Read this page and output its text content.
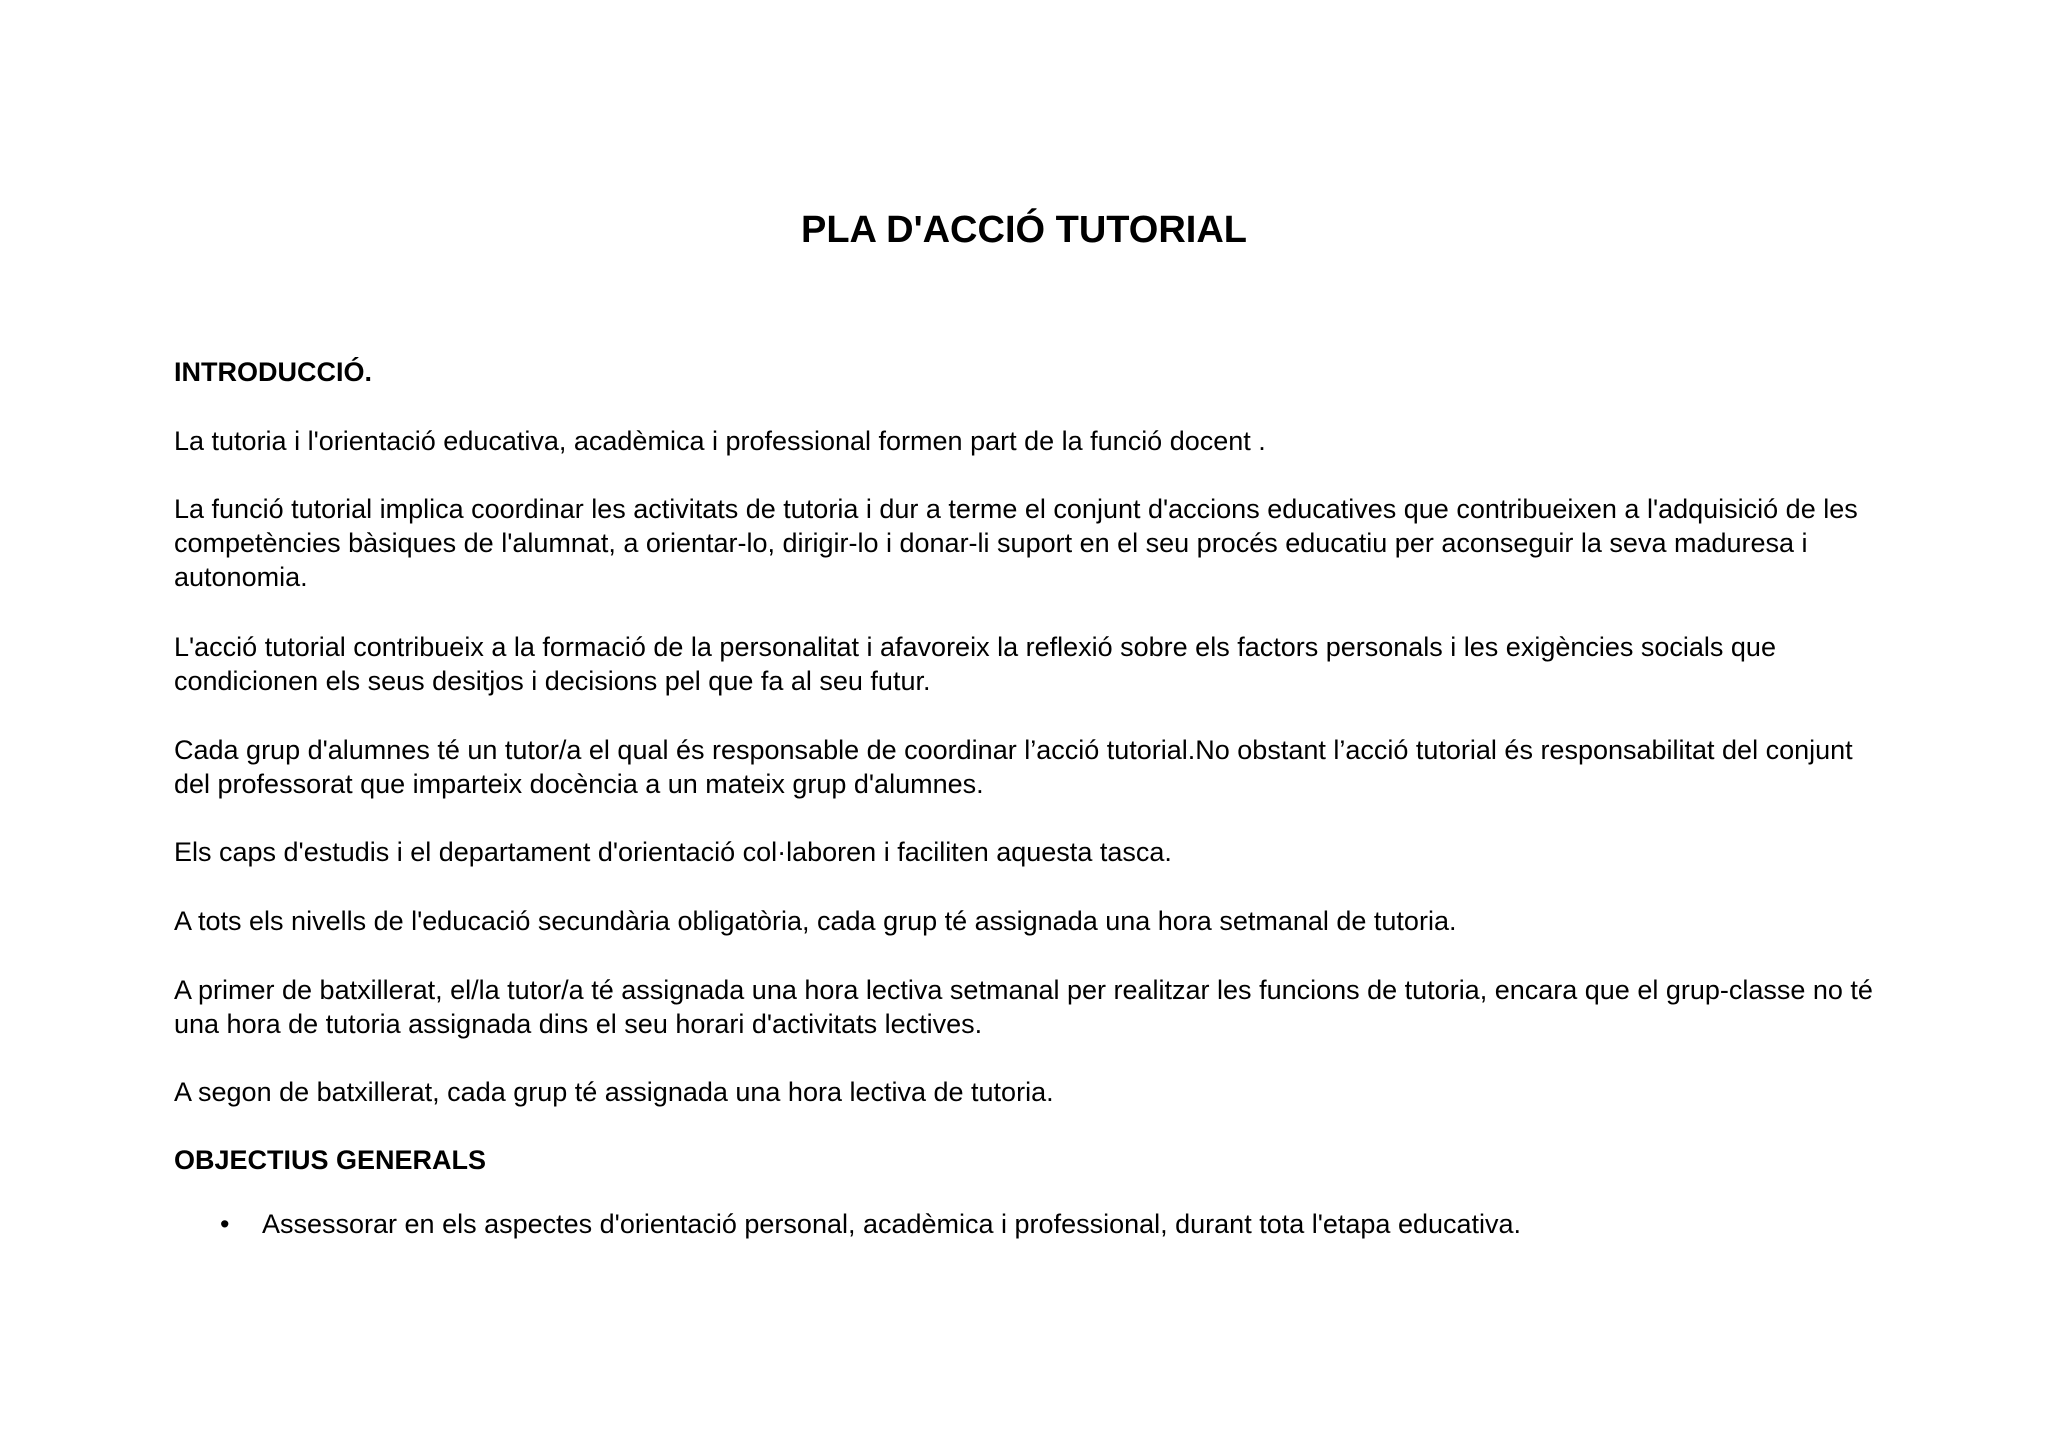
PLA D'ACCIÓ TUTORIAL

INTRODUCCIÓ.

La tutoria i l'orientació educativa, acadèmica i professional formen part de la funció docent .

La funció tutorial implica coordinar les activitats de tutoria i dur a terme el conjunt d'accions educatives que contribueixen a l'adquisició de les competències bàsiques de l'alumnat, a orientar-lo, dirigir-lo i donar-li suport en el seu procés educatiu per aconseguir la seva maduresa i autonomia.

L'acció tutorial contribueix a la formació de la personalitat i afavoreix la reflexió sobre els factors personals i les exigències socials que condicionen els seus desitjos i decisions pel que fa al seu futur.

Cada grup d'alumnes té un tutor/a el qual és responsable de coordinar l’acció tutorial.No obstant l’acció tutorial és responsabilitat del conjunt del professorat que imparteix docència a un mateix grup d'alumnes.

Els caps d'estudis i el departament d'orientació col·laboren i faciliten aquesta tasca.

A tots els nivells de l'educació secundària obligatòria, cada grup té assignada una hora setmanal de tutoria.

A primer de batxillerat, el/la tutor/a té assignada una hora lectiva setmanal per realitzar les funcions de tutoria, encara que el grup-classe no té una hora de tutoria assignada dins el seu horari d'activitats lectives.

A segon de batxillerat, cada grup té assignada una hora lectiva de tutoria.

OBJECTIUS GENERALS

• Assessorar en els aspectes d'orientació personal, acadèmica i professional, durant tota l'etapa educativa.
